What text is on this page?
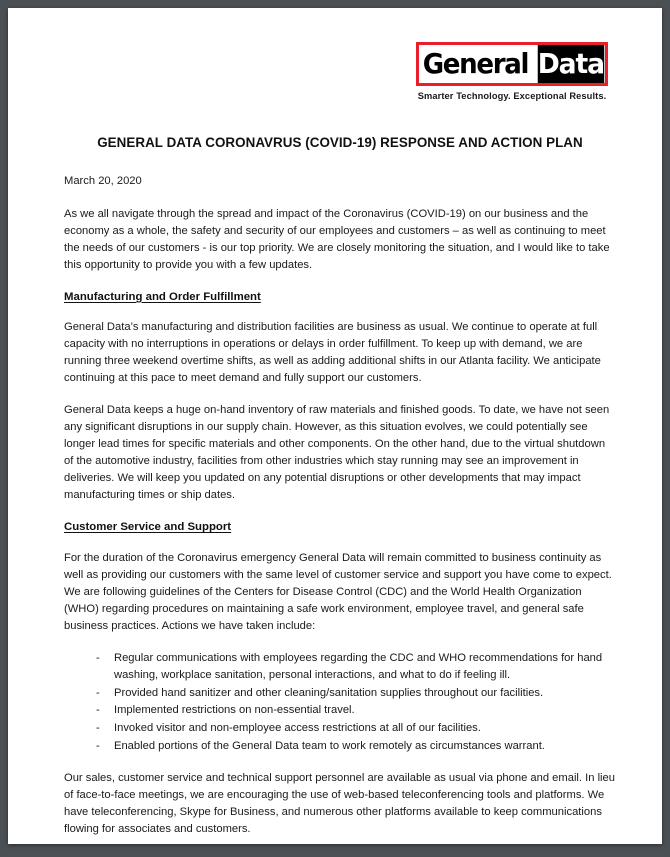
General Data
Smarter Technology. Exceptional Results.
GENERAL DATA CORONAVRUS (COVID-19) RESPONSE AND ACTION PLAN
March 20, 2020

As we all navigate through the spread and impact of the Coronavirus (COVID-19) on our business and the economy as a whole, the safety and security of our employees and customers – as well as continuing to meet the needs of our customers - is our top priority. We are closely monitoring the situation, and I would like to take this opportunity to provide you with a few updates.

Manufacturing and Order Fulfillment

General Data’s manufacturing and distribution facilities are business as usual. We continue to operate at full capacity with no interruptions in operations or delays in order fulfillment. To keep up with demand, we are running three weekend overtime shifts, as well as adding additional shifts in our Atlanta facility. We anticipate continuing at this pace to meet demand and fully support our customers.

General Data keeps a huge on-hand inventory of raw materials and finished goods. To date, we have not seen any significant disruptions in our supply chain. However, as this situation evolves, we could potentially see longer lead times for specific materials and other components. On the other hand, due to the virtual shutdown of the automotive industry, facilities from other industries which stay running may see an improvement in deliveries. We will keep you updated on any potential disruptions or other developments that may impact manufacturing times or ship dates.

Customer Service and Support

For the duration of the Coronavirus emergency General Data will remain committed to business continuity as well as providing our customers with the same level of customer service and support you have come to expect. We are following guidelines of the Centers for Disease Control (CDC) and the World Health Organization (WHO) regarding procedures on maintaining a safe work environment, employee travel, and general safe business practices. Actions we have taken include:

- Regular communications with employees regarding the CDC and WHO recommendations for hand washing, workplace sanitation, personal interactions, and what to do if feeling ill.
- Provided hand sanitizer and other cleaning/sanitation supplies throughout our facilities.
- Implemented restrictions on non-essential travel.
- Invoked visitor and non-employee access restrictions at all of our facilities.
- Enabled portions of the General Data team to work remotely as circumstances warrant.

Our sales, customer service and technical support personnel are available as usual via phone and email. In lieu of face-to-face meetings, we are encouraging the use of web-based teleconferencing tools and platforms. We have teleconferencing, Skype for Business, and numerous other platforms available to keep communications flowing for associates and customers.
